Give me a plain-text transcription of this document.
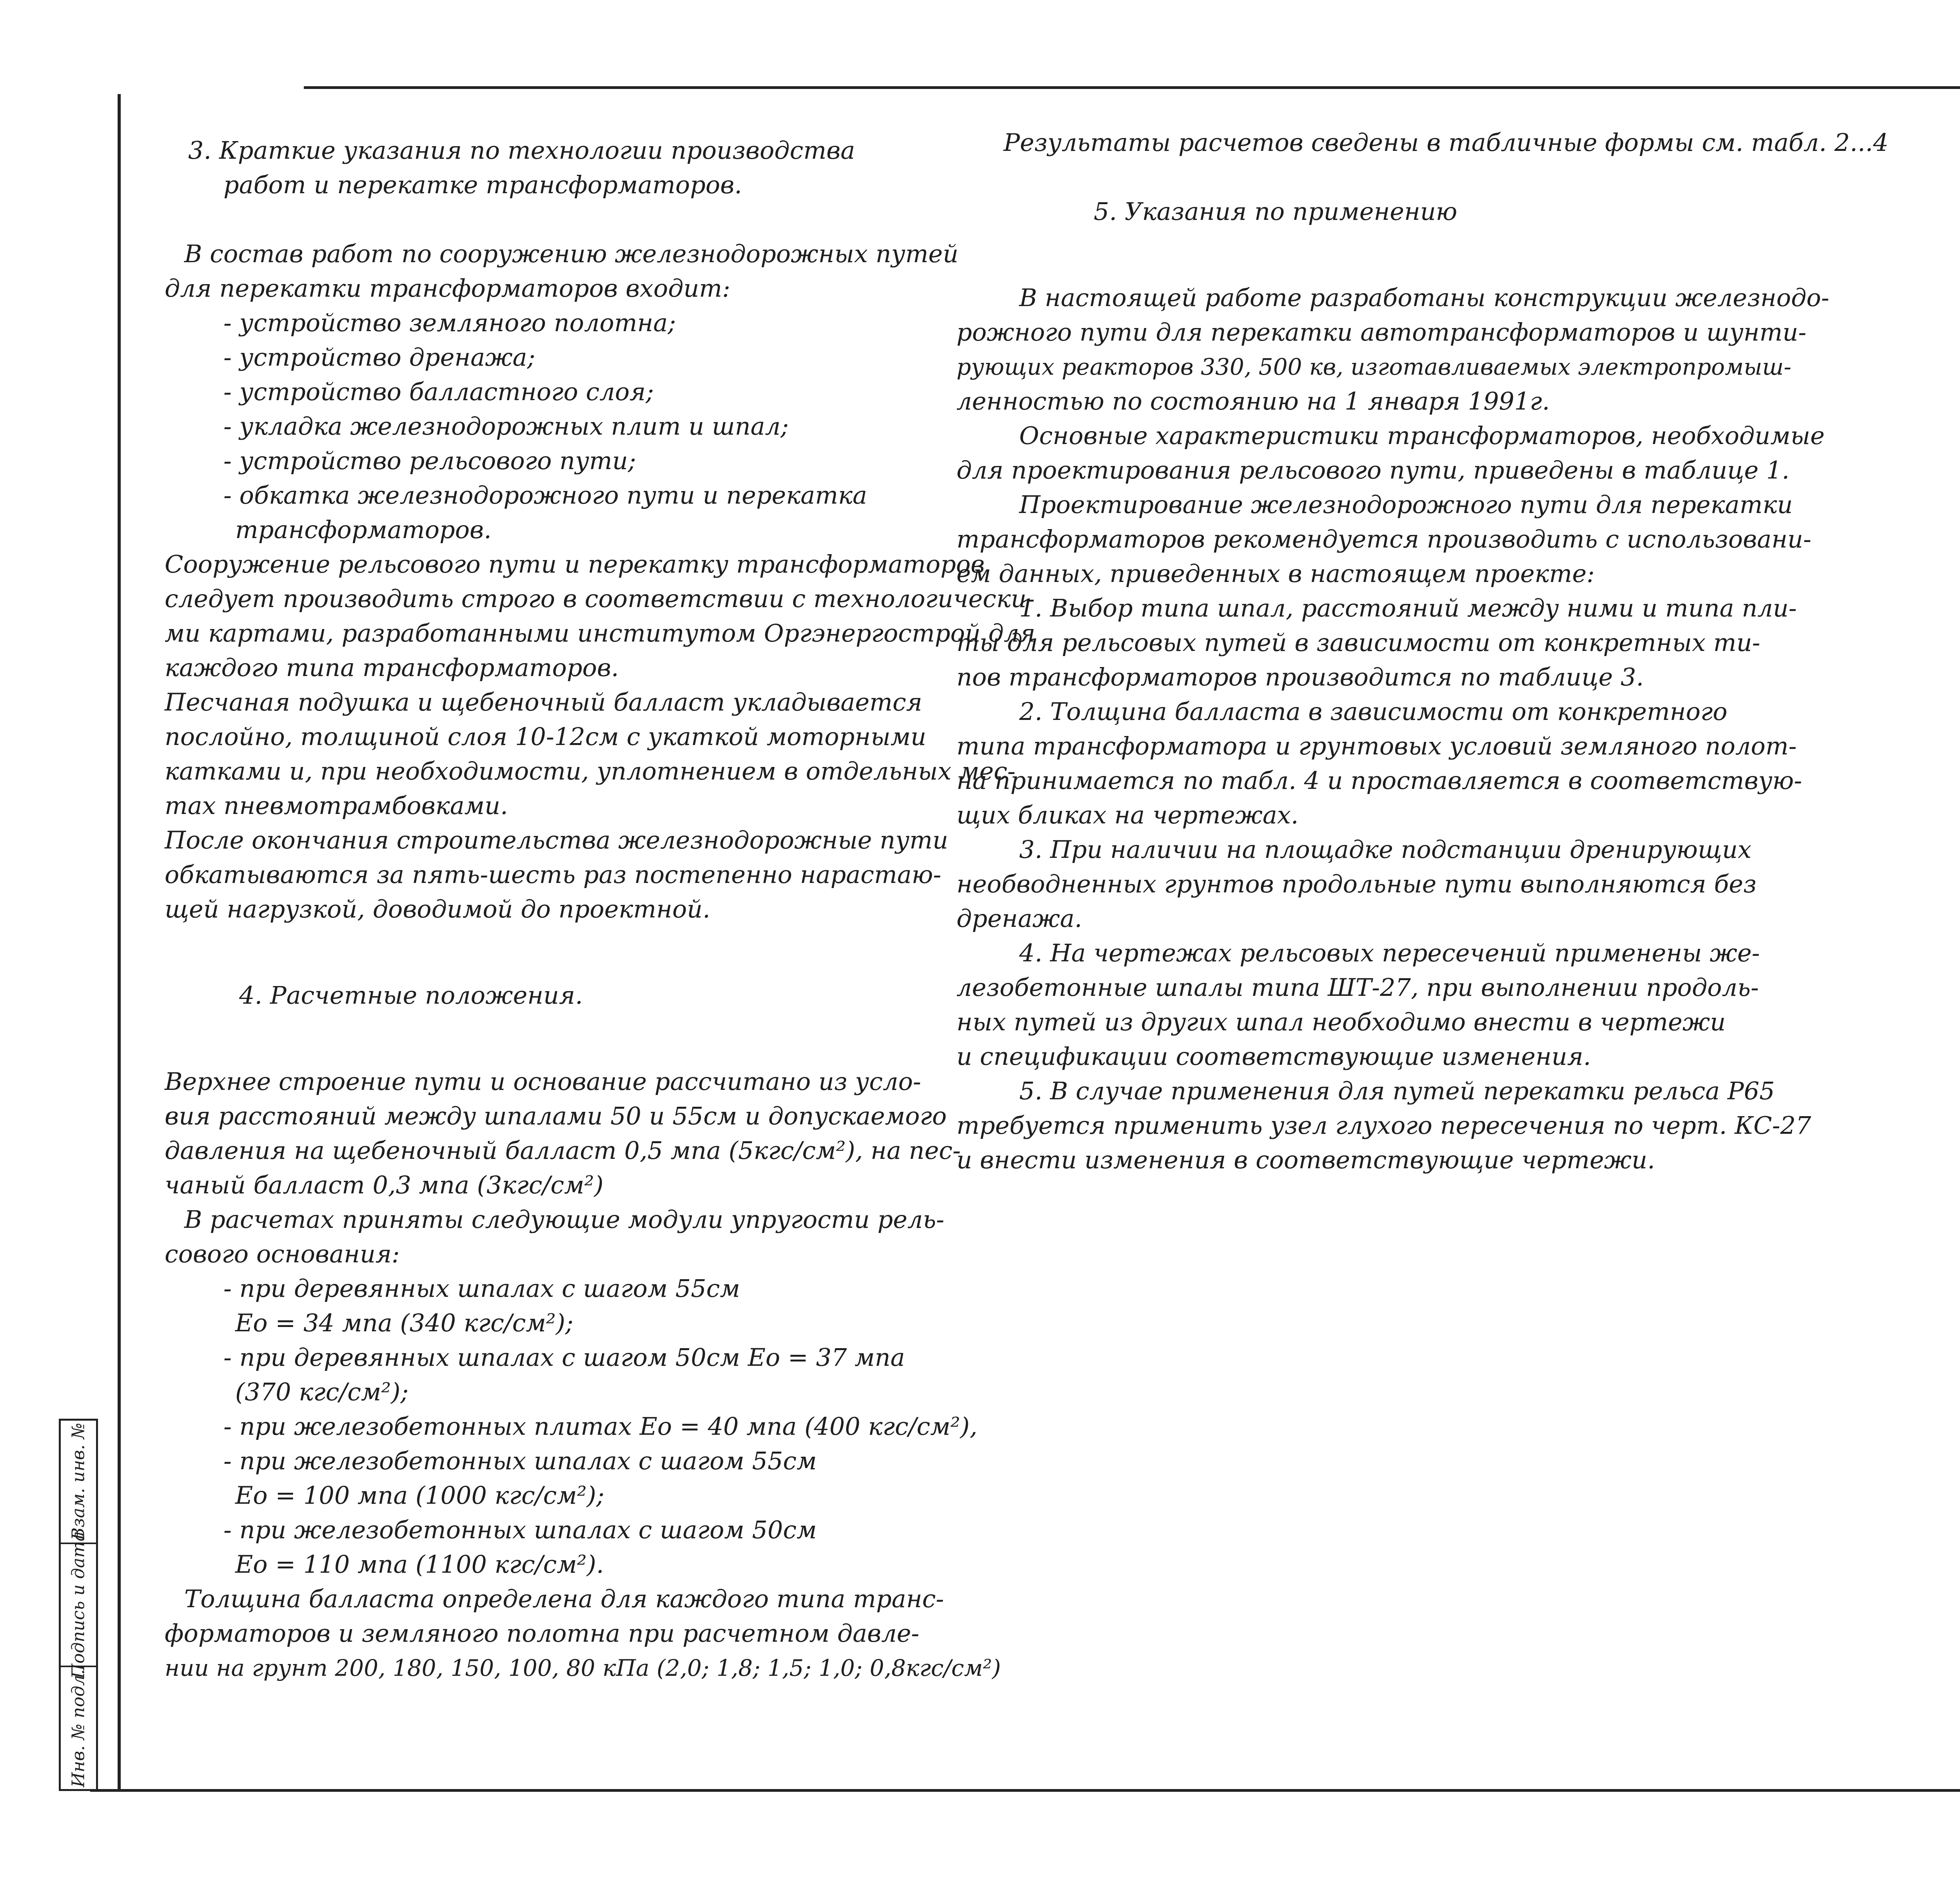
3. Краткие указания по технологии производства

работ и перекатке трансформаторов.

В состав работ по сооружению железнодорожных путей

для перекатки трансформаторов входит:

- устройство земляного полотна;

- устройство дренажа;

- устройство балластного слоя;

- укладка железнодорожных плит и шпал;

- устройство рельсового пути;

- обкатка железнодорожного пути и перекатка

трансформаторов.

Сооружение рельсового пути и перекатку трансформаторов

следует производить строго в соответствии с технологически-

ми картами, разработанными институтом Оргэнергострой для

каждого типа трансформаторов.

Песчаная подушка и щебеночный балласт укладывается

послойно, толщиной слоя 10-12см с укаткой моторными

катками и, при необходимости, уплотнением в отдельных мес-

тах пневмотрамбовками.

После окончания строительства железнодорожные пути

обкатываются за пять-шесть раз постепенно нарастаю-

щей нагрузкой, доводимой до проектной.

4. Расчетные положения.

Верхнее строение пути и основание рассчитано из усло-

вия расстояний между шпалами 50 и 55см и допускаемого

давления на щебеночный балласт 0,5 мпа (5кгс/см²), на пес-

чаный балласт 0,3 мпа (3кгс/см²)

В расчетах приняты следующие модули упругости рель-

сового основания:

- при деревянных шпалах с шагом 55см

Eo = 34 мпа (340 кгс/см²);

- при деревянных шпалах с шагом 50см Eo = 37 мпа

(370 кгс/см²);

- при железобетонных плитах Eo = 40 мпа (400 кгс/см²),

- при железобетонных шпалах с шагом 55см

Eo = 100 мпа (1000 кгс/см²);

- при железобетонных шпалах с шагом 50см

Eo = 110 мпа (1100 кгс/см²).

Толщина балласта определена для каждого типа транс-

форматоров и земляного полотна при расчетном давле-

нии на грунт 200, 180, 150, 100, 80 кПа (2,0; 1,8; 1,5; 1,0; 0,8кгс/см²)

Результаты расчетов сведены в табличные формы см. табл. 2...4

5. Указания по применению

В настоящей работе разработаны конструкции железнодо-

рожного пути для перекатки автотрансформаторов и шунти-

рующих реакторов 330, 500 кв, изготавливаемых электропромыш-

ленностью по состоянию на 1 января 1991г.

Основные характеристики трансформаторов, необходимые

для проектирования рельсового пути, приведены в таблице 1.

Проектирование железнодорожного пути для перекатки

трансформаторов рекомендуется производить с использовани-

ем данных, приведенных в настоящем проекте:

1. Выбор типа шпал, расстояний между ними и типа пли-

ты для рельсовых путей в зависимости от конкретных ти-

пов трансформаторов производится по таблице 3.

2. Толщина балласта в зависимости от конкретного

типа трансформатора и грунтовых условий земляного полот-

на принимается по табл. 4 и проставляется в соответствую-

щих бликах на чертежах.

3. При наличии на площадке подстанции дренирующих

необводненных грунтов продольные пути выполняются без

дренажа.

4. На чертежах рельсовых пересечений применены же-

лезобетонные шпалы типа ШТ-27, при выполнении продоль-

ных путей из других шпал необходимо внести в чертежи

и спецификации соответствующие изменения.

5. В случае применения для путей перекатки рельса Р65

требуется применить узел глухого пересечения по черт. КС-27

и внести изменения в соответствующие чертежи.

Взам. инв. №
Подпись и дата
Инв. № подл.
